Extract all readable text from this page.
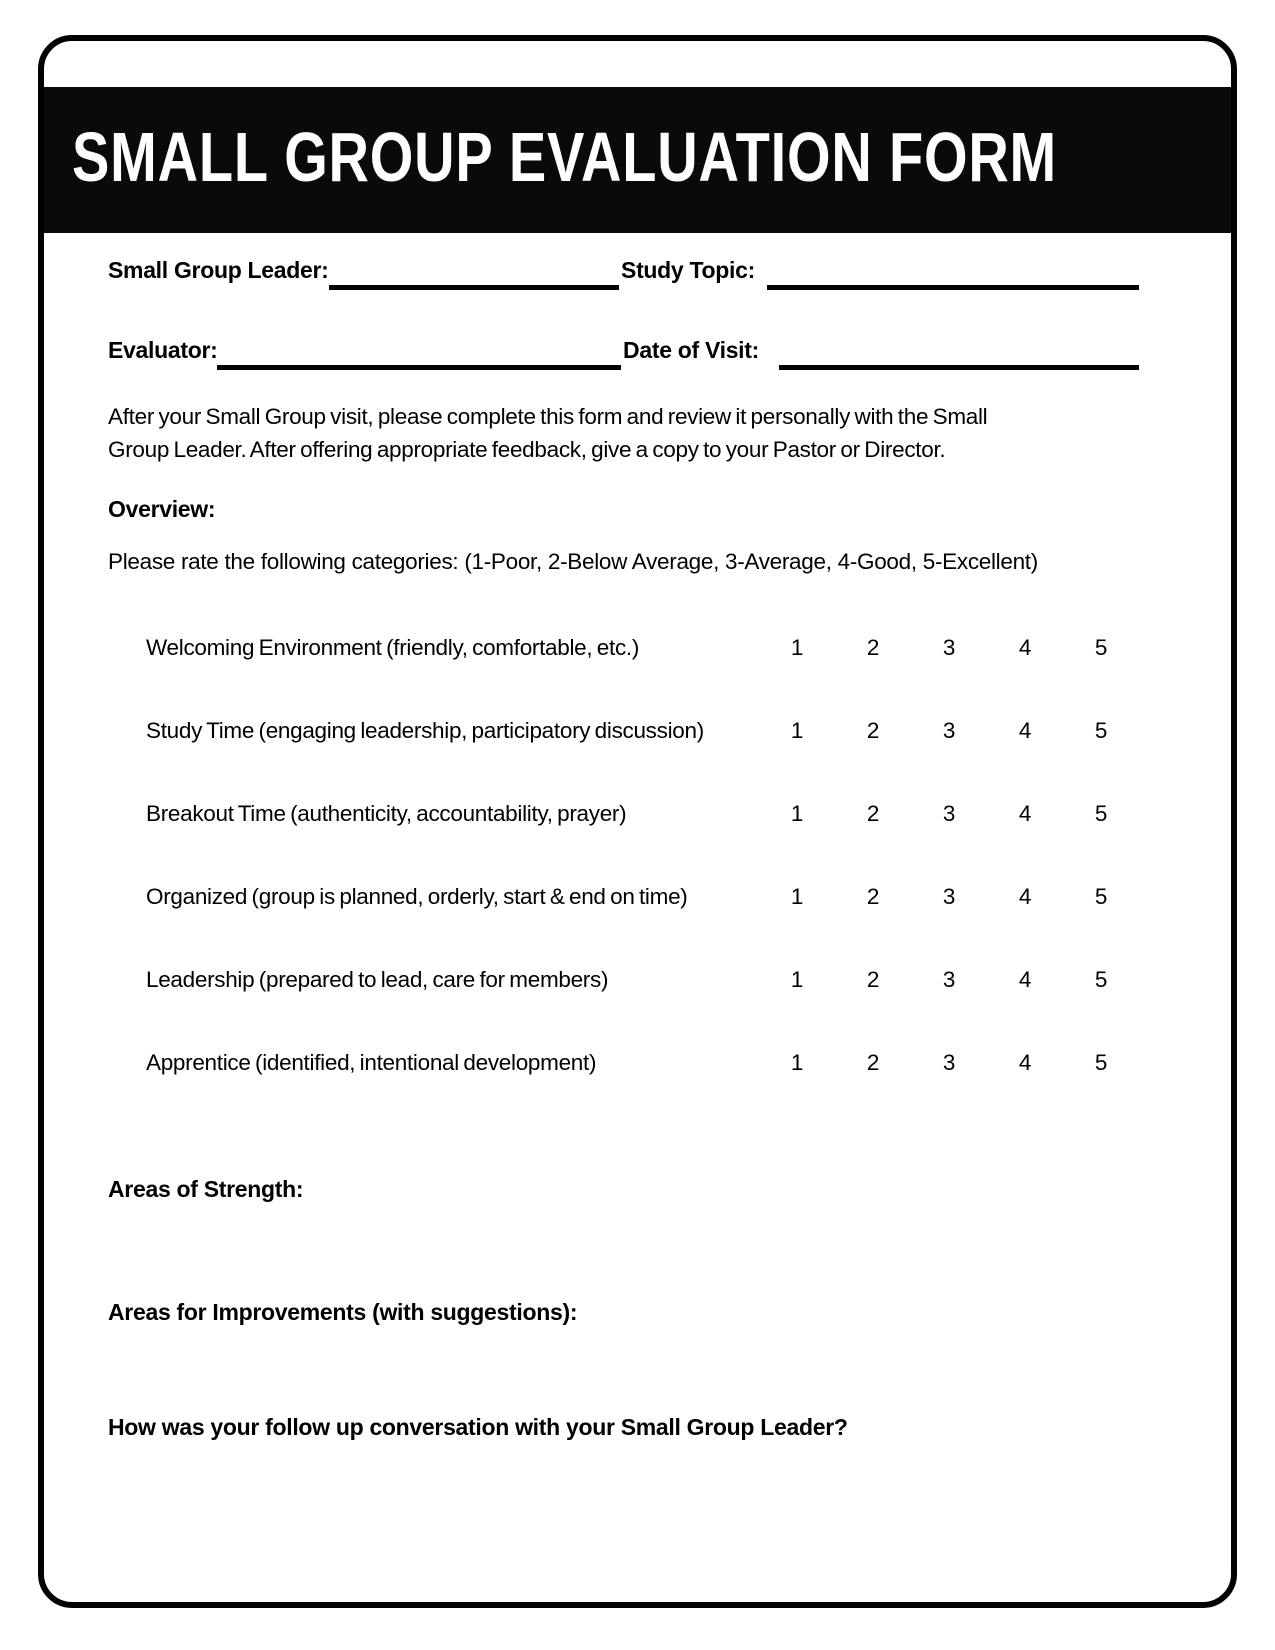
SMALL GROUP EVALUATION FORM
Small Group Leader:	Study Topic:
Evaluator:	Date of Visit:

After your Small Group visit, please complete this form and review it personally with the Small Group Leader. After offering appropriate feedback, give a copy to your Pastor or Director.

Overview:
Please rate the following categories: (1-Poor, 2-Below Average, 3-Average, 4-Good, 5-Excellent)
Welcoming Environment (friendly, comfortable, etc.)	1	2	3	4	5
Study Time (engaging leadership, participatory discussion)	1	2	3	4	5
Breakout Time (authenticity, accountability, prayer)	1	2	3	4	5
Organized (group is planned, orderly, start & end on time)	1	2	3	4	5
Leadership (prepared to lead, care for members)	1	2	3	4	5
Apprentice (identified, intentional development)	1	2	3	4	5
Areas of Strength:
Areas for Improvements (with suggestions):
How was your follow up conversation with your Small Group Leader?
